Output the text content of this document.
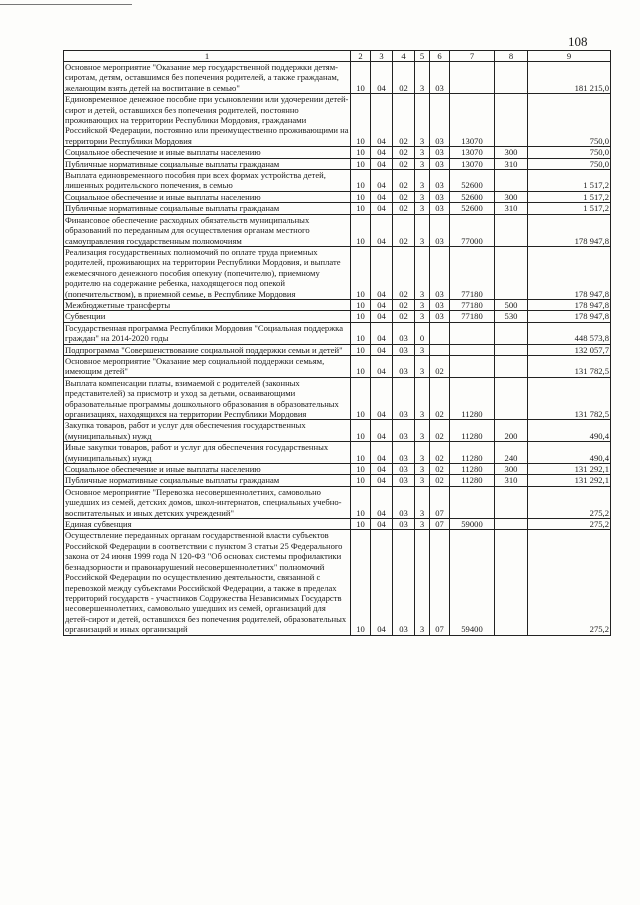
108
1	2	3	4	5	6	7	8	9
Основное мероприятие "Оказание мер государственной поддержки детям-сиротам, детям, оставшимся без попечения родителей, а также гражданам, желающим взять детей на воспитание в семью"	10	04	02	3	03			181 215,0
Единовременное денежное пособие при усыновлении или удочерении детей-сирот и детей, оставшихся без попечения родителей, постоянно проживающих на территории Республики Мордовия, гражданами Российской Федерации, постоянно или преимущественно проживающими на территории Республики Мордовия	10	04	02	3	03	13070		750,0
Социальное обеспечение и иные выплаты населению	10	04	02	3	03	13070	300	750,0
Публичные нормативные социальные выплаты гражданам	10	04	02	3	03	13070	310	750,0
Выплата единовременного пособия при всех формах устройства детей, лишенных родительского попечения, в семью	10	04	02	3	03	52600		1 517,2
Социальное обеспечение и иные выплаты населению	10	04	02	3	03	52600	300	1 517,2
Публичные нормативные социальные выплаты гражданам	10	04	02	3	03	52600	310	1 517,2
Финансовое обеспечение расходных обязательств муниципальных образований по переданным для осуществления органам местного самоуправления государственным полномочиям	10	04	02	3	03	77000		178 947,8
Реализация государственных полномочий по оплате труда приемных родителей, проживающих на территории Республики Мордовия, и выплате ежемесячного денежного пособия опекуну (попечителю), приемному родителю на содержание ребенка, находящегося под опекой (попечительством), в приемной семье, в Республике Мордовия	10	04	02	3	03	77180		178 947,8
Межбюджетные трансферты	10	04	02	3	03	77180	500	178 947,8
Субвенции	10	04	02	3	03	77180	530	178 947,8
Государственная программа Республики Мордовия "Социальная поддержка граждан" на 2014-2020 годы	10	04	03	0				448 573,8
Подпрограмма "Совершенствование социальной поддержки семьи и детей"	10	04	03	3				132 057,7
Основное мероприятие "Оказание мер социальной поддержки семьям, имеющим детей"	10	04	03	3	02			131 782,5
Выплата компенсации платы, взимаемой с родителей (законных представителей) за присмотр и уход за детьми, осваивающими образовательные программы дошкольного образования в образовательных организациях, находящихся на территории Республики Мордовия	10	04	03	3	02	11280		131 782,5
Закупка товаров, работ и услуг для обеспечения государственных (муниципальных) нужд	10	04	03	3	02	11280	200	490,4
Иные закупки товаров, работ и услуг для обеспечения государственных (муниципальных) нужд	10	04	03	3	02	11280	240	490,4
Социальное обеспечение и иные выплаты населению	10	04	03	3	02	11280	300	131 292,1
Публичные нормативные социальные выплаты гражданам	10	04	03	3	02	11280	310	131 292,1
Основное мероприятие "Перевозка несовершеннолетних, самовольно ушедших из семей, детских домов, школ-интернатов, специальных учебно-воспитательных и иных детских учреждений"	10	04	03	3	07			275,2
Единая субвенция	10	04	03	3	07	59000		275,2
Осуществление переданных органам государственной власти субъектов Российской Федерации в соответствии с пунктом 3 статьи 25 Федерального закона от 24 июня 1999 года N 120-ФЗ "Об основах системы профилактики безнадзорности и правонарушений несовершеннолетних" полномочий Российской Федерации по осуществлению деятельности, связанной с перевозкой между субъектами Российской Федерации, а также в пределах территорий государств - участников Содружества Независимых Государств несовершеннолетних, самовольно ушедших из семей, организаций для детей-сирот и детей, оставшихся без попечения родителей, образовательных организаций и иных организаций	10	04	03	3	07	59400		275,2
